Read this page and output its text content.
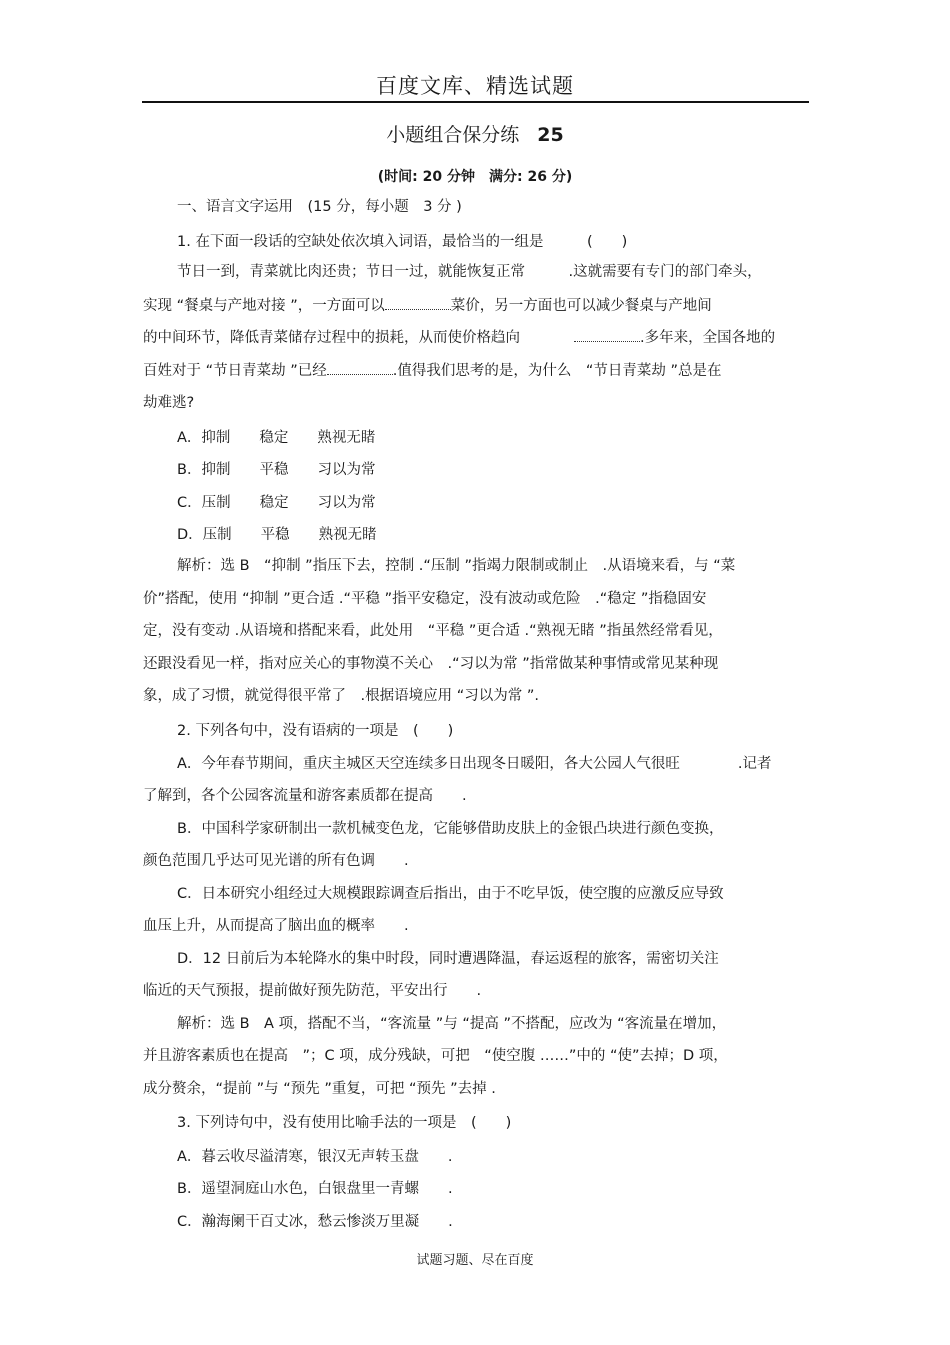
百度文库、精选试题
小题组合保分练 25
(时间: 20 分钟　满分: 26 分)
一、语言文字运用　(15 分，每小题　3 分 )
1. 在下面一段话的空缺处依次填入词语，最恰当的一组是　　　(　　)
节日一到，青菜就比肉还贵；节日一过，就能恢复正常　　　.这就需要有专门的部门牵头，
实现 “餐桌与产地对接 ”，一方面可以	菜价，另一方面也可以减少餐桌与产地间
的中间环节，降低青菜储存过程中的损耗，从而使价格趋向	.多年来，全国各地的
百姓对于 “节日青菜劫 ”已经	.值得我们思考的是，为什么　“节日青菜劫 ”总是在
劫难逃?
A．抑制　　稳定　　熟视无睹
B．抑制　　平稳　　习以为常
C．压制　　稳定　　习以为常
D．压制　　平稳　　熟视无睹
解析：选 B　“抑制 ”指压下去，控制 .“压制 ”指竭力限制或制止　.从语境来看，与 “菜
价”搭配，使用 “抑制 ”更合适 .“平稳 ”指平安稳定，没有波动或危险　.“稳定 ”指稳固安
定，没有变动 .从语境和搭配来看，此处用　“平稳 ”更合适 .“熟视无睹 ”指虽然经常看见，
还跟没看见一样，指对应关心的事物漠不关心　.“习以为常 ”指常做某种事情或常见某种现
象，成了习惯，就觉得很平常了　.根据语境应用 “习以为常 ”.
2. 下列各句中，没有语病的一项是　(　　)
A．今年春节期间，重庆主城区天空连续多日出现冬日暖阳，各大公园人气很旺　　　　.记者
了解到，各个公园客流量和游客素质都在提高　　.
B．中国科学家研制出一款机械变色龙，它能够借助皮肤上的金银凸块进行颜色变换，
颜色范围几乎达可见光谱的所有色调　　.
C．日本研究小组经过大规模跟踪调查后指出，由于不吃早饭，使空腹的应激反应导致
血压上升，从而提高了脑出血的概率　　.
D．12 日前后为本轮降水的集中时段，同时遭遇降温，春运返程的旅客，需密切关注
临近的天气预报，提前做好预先防范，平安出行　　.
解析：选 B　A 项，搭配不当，“客流量 ”与 “提高 ”不搭配，应改为 “客流量在增加，
并且游客素质也在提高　”；C 项，成分残缺，可把　“使空腹 ……”中的 “使”去掉；D 项，
成分赘余，“提前 ”与 “预先 ”重复，可把 “预先 ”去掉 .
3. 下列诗句中，没有使用比喻手法的一项是　(　　)
A．暮云收尽溢清寒，银汉无声转玉盘　　.
B．遥望洞庭山水色，白银盘里一青螺　　.
C．瀚海阑干百丈冰，愁云惨淡万里凝　　.
试题习题、尽在百度
